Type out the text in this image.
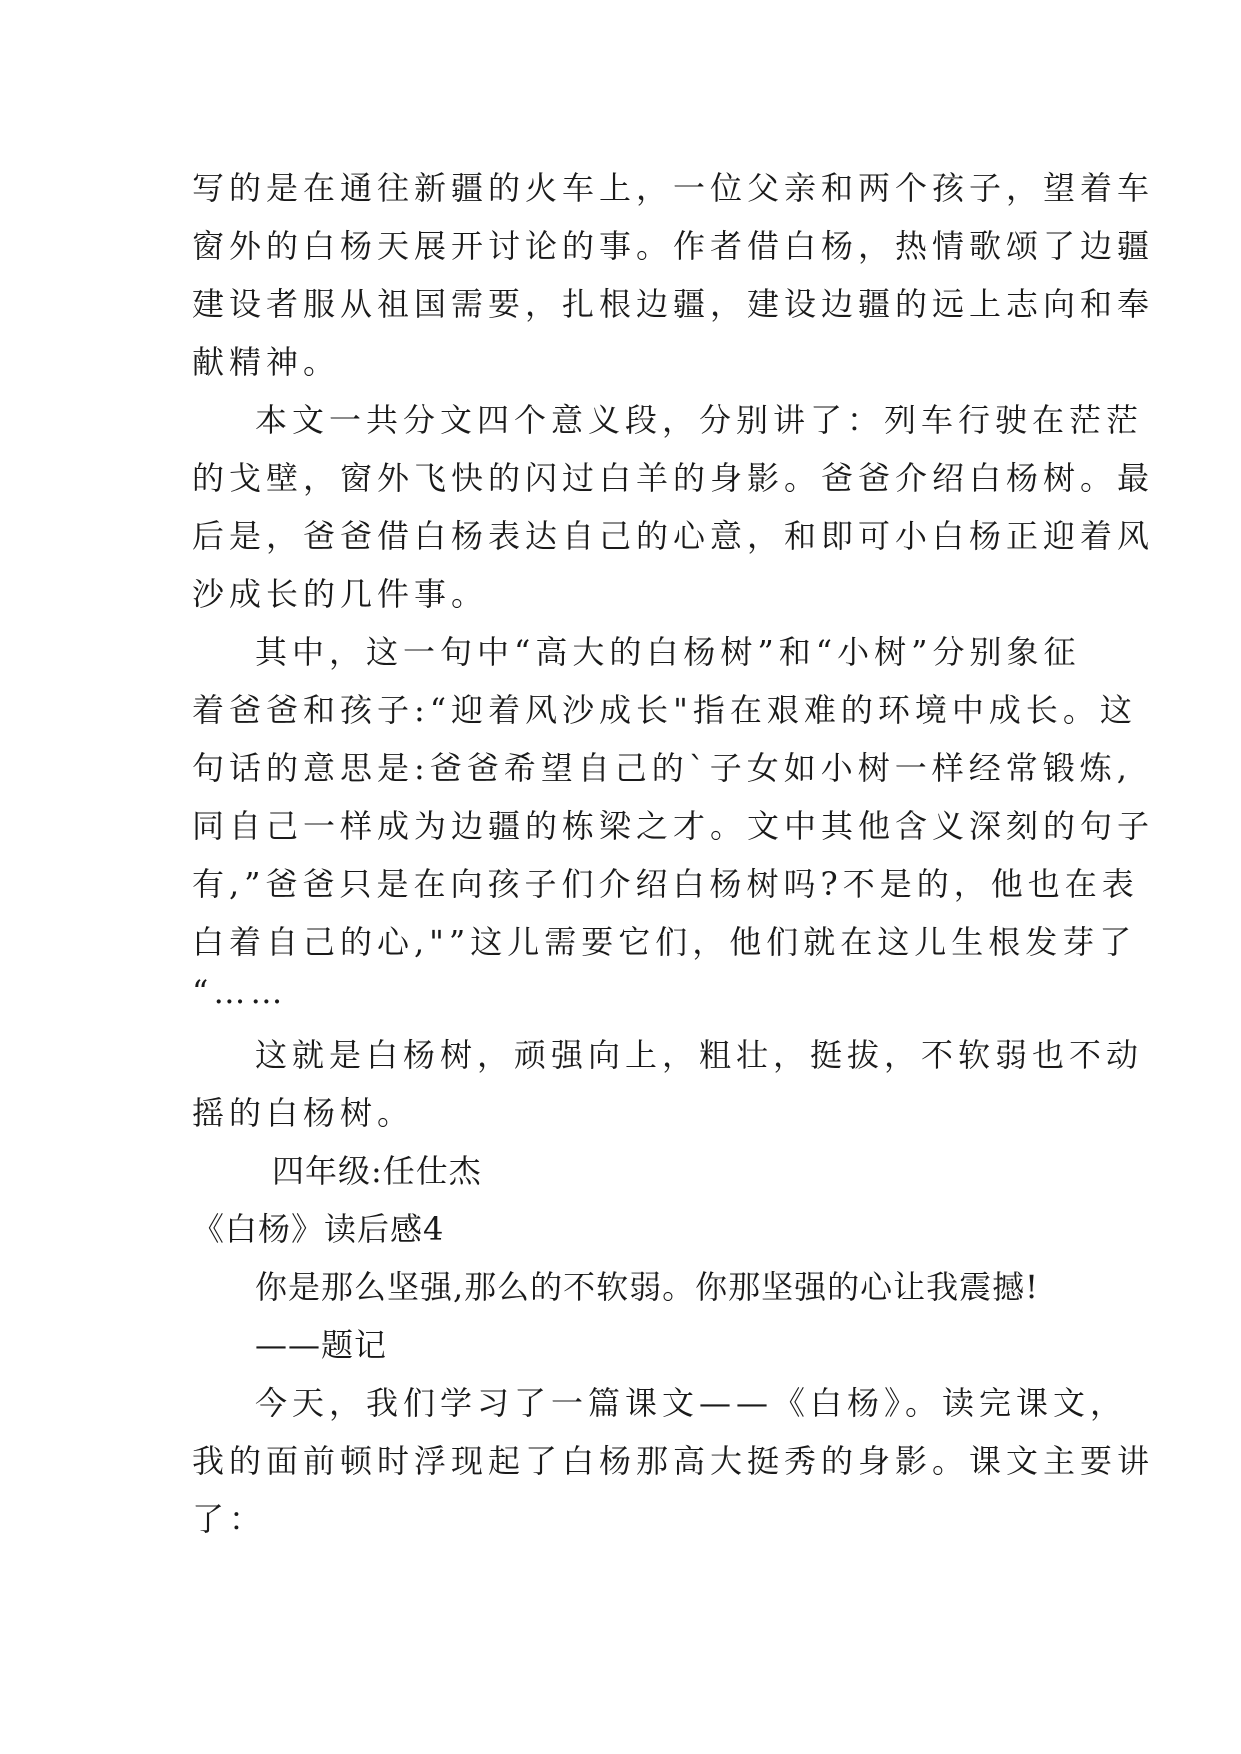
写的是在通往新疆的火车上，一位父亲和两个孩子，望着车
窗外的白杨天展开讨论的事。作者借白杨，热情歌颂了边疆
建设者服从祖国需要，扎根边疆，建设边疆的远上志向和奉
献精神。
本文一共分文四个意义段，分别讲了：列车行驶在茫茫
的戈壁，窗外飞快的闪过白羊的身影。爸爸介绍白杨树。最
后是，爸爸借白杨表达自己的心意，和即可小白杨正迎着风
沙成长的几件事。
其中，这一句中“高大的白杨树”和“小树”分别象征
着爸爸和孩子:“迎着风沙成长"指在艰难的环境中成长。这
句话的意思是:爸爸希望自己的`子女如小树一样经常锻炼,
同自己一样成为边疆的栋梁之才。文中其他含义深刻的句子
有,”爸爸只是在向孩子们介绍白杨树吗?不是的，他也在表
白着自己的心,"”这儿需要它们，他们就在这儿生根发芽了
“……
这就是白杨树，顽强向上，粗壮，挺拔，不软弱也不动
摇的白杨树。
四年级:任仕杰
《白杨》读后感4
你是那么坚强,那么的不软弱。你那坚强的心让我震撼!
——题记
今天，我们学习了一篇课文——《白杨》。读完课文，
我的面前顿时浮现起了白杨那高大挺秀的身影。课文主要讲
了：
